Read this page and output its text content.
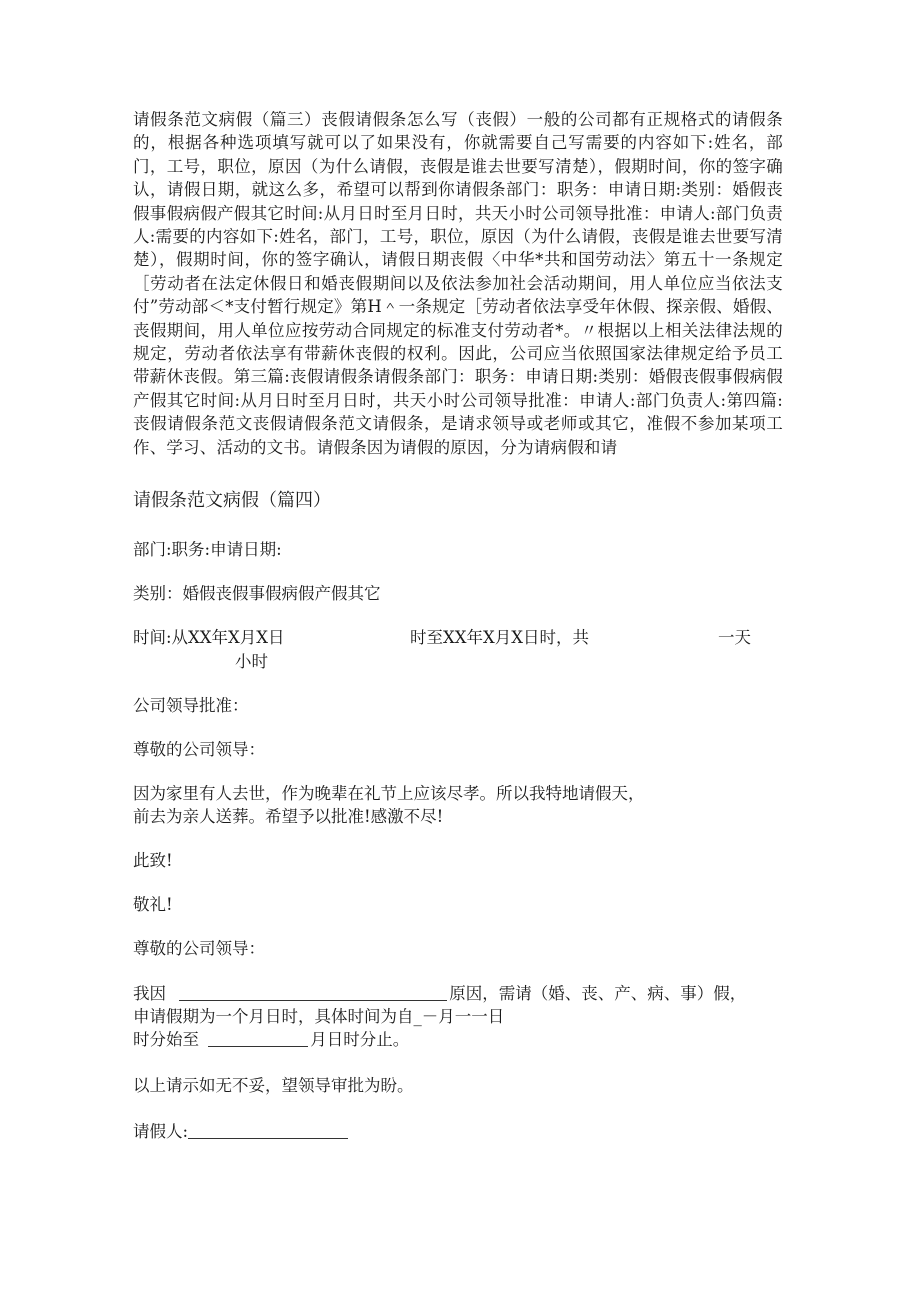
请假条范文病假（篇三）丧假请假条怎么写（丧假）一般的公司都有正规格式的请假条的，根据各种选项填写就可以了如果没有，你就需要自己写需要的内容如下:姓名，部门，工号，职位，原因（为什么请假，丧假是谁去世要写清楚），假期时间，你的签字确认，请假日期，就这么多，希望可以帮到你请假条部门：职务：申请日期:类别：婚假丧假事假病假产假其它时间:从月日时至月日时，共天小时公司领导批准：申请人:部门负责人:需要的内容如下:姓名，部门，工号，职位，原因（为什么请假，丧假是谁去世要写清楚），假期时间，你的签字确认，请假日期丧假〈中华*共和国劳动法〉第五十一条规定［劳动者在法定休假日和婚丧假期间以及依法参加社会活动期间，用人单位应当依法支付”劳动部＜*支付暂行规定》第H＾一条规定［劳动者依法享受年休假、探亲假、婚假、丧假期间，用人单位应按劳动合同规定的标准支付劳动者*。〃根据以上相关法律法规的规定，劳动者依法享有带薪休丧假的权利。因此，公司应当依照国家法律规定给予员工带薪休丧假。第三篇:丧假请假条请假条部门：职务：申请日期:类别：婚假丧假事假病假产假其它时间:从月日时至月日时，共天小时公司领导批准：申请人:部门负责人:第四篇:丧假请假条范文丧假请假条范文请假条，是请求领导或老师或其它，准假不参加某项工作、学习、活动的文书。请假条因为请假的原因，分为请病假和请
请假条范文病假（篇四）
部门:职务:申请日期:
类别：婚假丧假事假病假产假其它
时间:从XX年X月X日	时至XX年X月X日时，共	一天
小时
公司领导批准：
尊敬的公司领导：
因为家里有人去世，作为晚辈在礼节上应该尽孝。所以我特地请假天，
前去为亲人送葬。希望予以批准!感激不尽!
此致!
敬礼!
尊敬的公司领导：
我因	原因，需请（婚、丧、产、病、事）假，
申请假期为一个月日时，具体时间为自_－月一一日
时分始至	月日时分止。
以上请示如无不妥，望领导审批为盼。
请假人:
